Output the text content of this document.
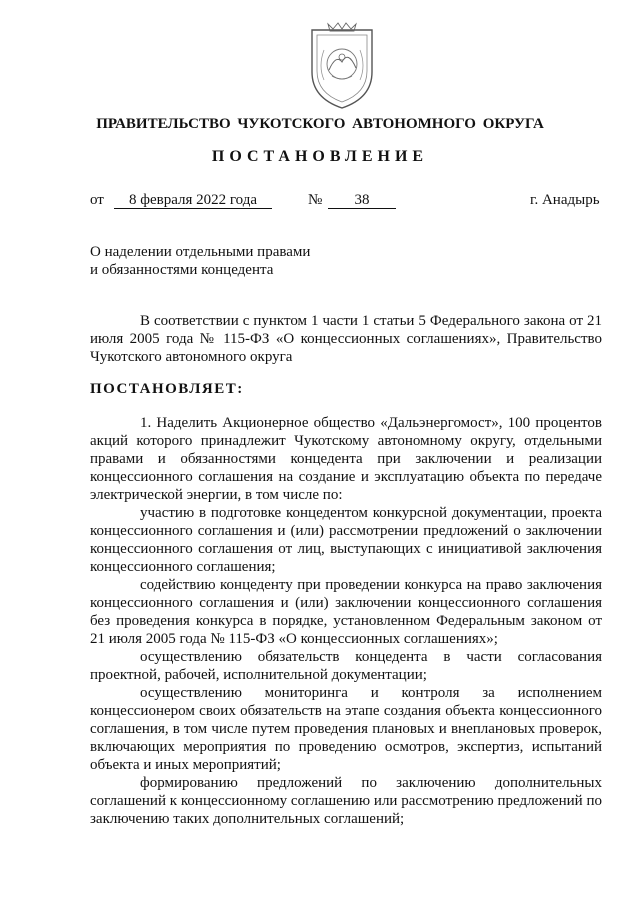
ПРАВИТЕЛЬСТВО ЧУКОТСКОГО АВТОНОМНОГО ОКРУГА
ПОСТАНОВЛЕНИЕ
от	8 февраля 2022 года	№	38	г. Анадырь
О наделении отдельными правами
и обязанностями концедента

В соответствии с пунктом 1 части 1 статьи 5 Федерального закона от 21 июля 2005 года № 115-ФЗ «О концессионных соглашениях», Правительство Чукотского автономного округа

ПОСТАНОВЛЯЕТ:

1. Наделить Акционерное общество «Дальэнергомост», 100 процентов акций которого принадлежит Чукотскому автономному округу, отдельными правами и обязанностями концедента при заключении и реализации концессионного соглашения на создание и эксплуатацию объекта по передаче электрической энергии, в том числе по:

участию в подготовке концедентом конкурсной документации, проекта концессионного соглашения и (или) рассмотрении предложений о заключении концессионного соглашения от лиц, выступающих с инициативой заключения концессионного соглашения;

содействию концеденту при проведении конкурса на право заключения концессионного соглашения и (или) заключении концессионного соглашения без проведения конкурса в порядке, установленном Федеральным законом от 21 июля 2005 года № 115-ФЗ «О концессионных соглашениях»;

осуществлению обязательств концедента в части согласования проектной, рабочей, исполнительной документации;

осуществлению мониторинга и контроля за исполнением концессионером своих обязательств на этапе создания объекта концессионного соглашения, в том числе путем проведения плановых и внеплановых проверок, включающих мероприятия по проведению осмотров, экспертиз, испытаний объекта и иных мероприятий;

формированию предложений по заключению дополнительных соглашений к концессионному соглашению или рассмотрению предложений по заключению таких дополнительных соглашений;
